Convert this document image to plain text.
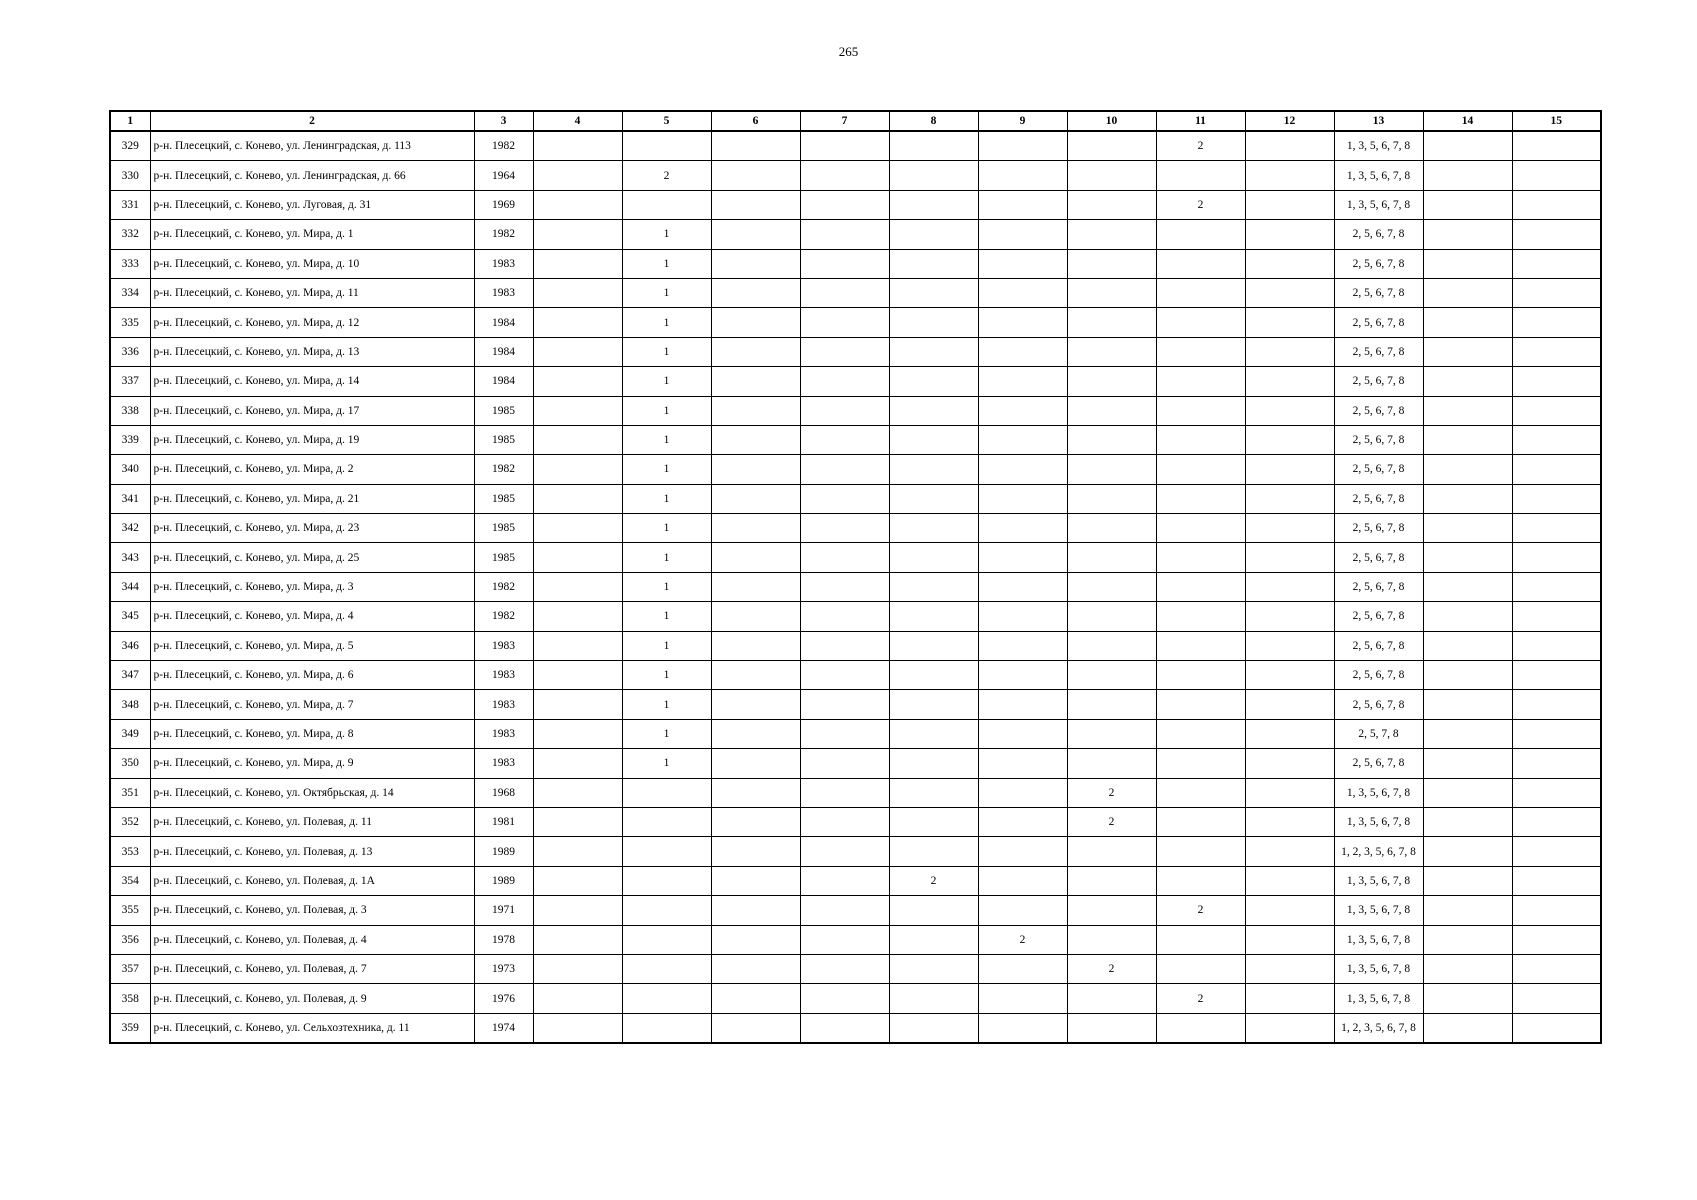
265
1	2	3	4	5	6	7	8	9	10	11	12	13	14	15
329	р-н. Плесецкий, с. Конево, ул. Ленинградская, д. 113	1982								2		1, 3, 5, 6, 7, 8		
330	р-н. Плесецкий, с. Конево, ул. Ленинградская, д. 66	1964		2								1, 3, 5, 6, 7, 8		
331	р-н. Плесецкий, с. Конево, ул. Луговая, д. 31	1969								2		1, 3, 5, 6, 7, 8		
332	р-н. Плесецкий, с. Конево, ул. Мира, д. 1	1982		1								2, 5, 6, 7, 8		
333	р-н. Плесецкий, с. Конево, ул. Мира, д. 10	1983		1								2, 5, 6, 7, 8		
334	р-н. Плесецкий, с. Конево, ул. Мира, д. 11	1983		1								2, 5, 6, 7, 8		
335	р-н. Плесецкий, с. Конево, ул. Мира, д. 12	1984		1								2, 5, 6, 7, 8		
336	р-н. Плесецкий, с. Конево, ул. Мира, д. 13	1984		1								2, 5, 6, 7, 8		
337	р-н. Плесецкий, с. Конево, ул. Мира, д. 14	1984		1								2, 5, 6, 7, 8		
338	р-н. Плесецкий, с. Конево, ул. Мира, д. 17	1985		1								2, 5, 6, 7, 8		
339	р-н. Плесецкий, с. Конево, ул. Мира, д. 19	1985		1								2, 5, 6, 7, 8		
340	р-н. Плесецкий, с. Конево, ул. Мира, д. 2	1982		1								2, 5, 6, 7, 8		
341	р-н. Плесецкий, с. Конево, ул. Мира, д. 21	1985		1								2, 5, 6, 7, 8		
342	р-н. Плесецкий, с. Конево, ул. Мира, д. 23	1985		1								2, 5, 6, 7, 8		
343	р-н. Плесецкий, с. Конево, ул. Мира, д. 25	1985		1								2, 5, 6, 7, 8		
344	р-н. Плесецкий, с. Конево, ул. Мира, д. 3	1982		1								2, 5, 6, 7, 8		
345	р-н. Плесецкий, с. Конево, ул. Мира, д. 4	1982		1								2, 5, 6, 7, 8		
346	р-н. Плесецкий, с. Конево, ул. Мира, д. 5	1983		1								2, 5, 6, 7, 8		
347	р-н. Плесецкий, с. Конево, ул. Мира, д. 6	1983		1								2, 5, 6, 7, 8		
348	р-н. Плесецкий, с. Конево, ул. Мира, д. 7	1983		1								2, 5, 6, 7, 8		
349	р-н. Плесецкий, с. Конево, ул. Мира, д. 8	1983		1								2, 5, 7, 8		
350	р-н. Плесецкий, с. Конево, ул. Мира, д. 9	1983		1								2, 5, 6, 7, 8		
351	р-н. Плесецкий, с. Конево, ул. Октябрьская, д. 14	1968							2			1, 3, 5, 6, 7, 8		
352	р-н. Плесецкий, с. Конево, ул. Полевая, д. 11	1981							2			1, 3, 5, 6, 7, 8		
353	р-н. Плесецкий, с. Конево, ул. Полевая, д. 13	1989										1, 2, 3, 5, 6, 7, 8		
354	р-н. Плесецкий, с. Конево, ул. Полевая, д. 1А	1989					2					1, 3, 5, 6, 7, 8		
355	р-н. Плесецкий, с. Конево, ул. Полевая, д. 3	1971								2		1, 3, 5, 6, 7, 8		
356	р-н. Плесецкий, с. Конево, ул. Полевая, д. 4	1978						2				1, 3, 5, 6, 7, 8		
357	р-н. Плесецкий, с. Конево, ул. Полевая, д. 7	1973							2			1, 3, 5, 6, 7, 8		
358	р-н. Плесецкий, с. Конево, ул. Полевая, д. 9	1976								2		1, 3, 5, 6, 7, 8		
359	р-н. Плесецкий, с. Конево, ул. Сельхозтехника, д. 11	1974										1, 2, 3, 5, 6, 7, 8		
